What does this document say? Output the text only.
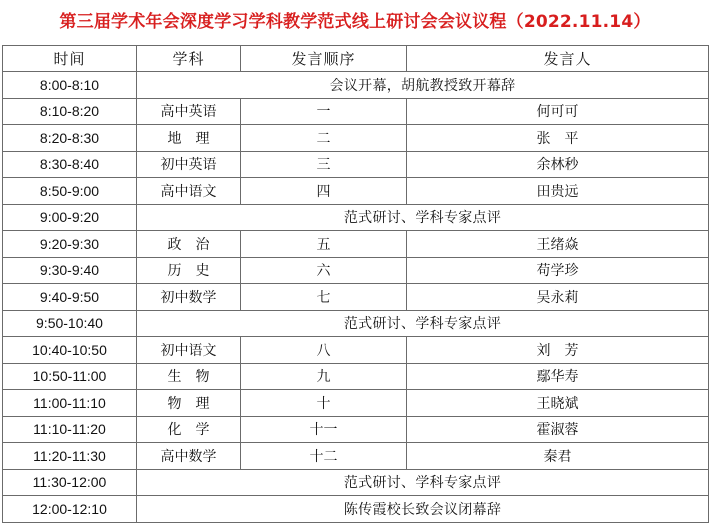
第三届学术年会深度学习学科教学范式线上研讨会会议议程（2022.11.14）
时间	学科	发言顺序	发言人
8:00-8:10	会议开幕，胡航教授致开幕辞		
8:10-8:20	高中英语	一	何可可
8:20-8:30	地　理	二	张　平
8:30-8:40	初中英语	三	余林秒
8:50-9:00	高中语文	四	田贵远
9:00-9:20	范式研讨、学科专家点评		
9:20-9:30	政　治	五	王绪焱
9:30-9:40	历　史	六	苟学珍
9:40-9:50	初中数学	七	吴永莉
9:50-10:40	范式研讨、学科专家点评		
10:40-10:50	初中语文	八	刘　芳
10:50-11:00	生　物	九	鄢华寿
11:00-11:10	物　理	十	王晓斌
11:10-11:20	化　学	十一	霍淑蓉
11:20-11:30	高中数学	十二	秦君
11:30-12:00	范式研讨、学科专家点评		
12:00-12:10	陈传霞校长致会议闭幕辞		
